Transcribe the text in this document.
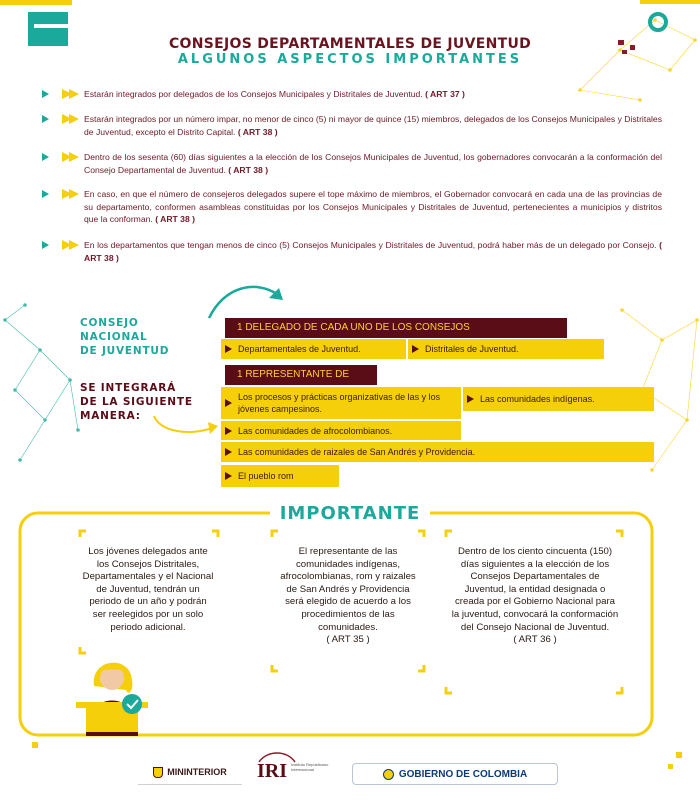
CONSEJOS DEPARTAMENTALES DE JUVENTUD
ALGUNOS ASPECTOS IMPORTANTES
Estarán integrados por delegados de los Consejos Municipales y Distritales de Juventud. ( ART 37 )
Estarán integrados por un número impar, no menor de cinco (5) ni mayor de quince (15) miembros, delegados de los Consejos Municipales y Distritales de Juventud, excepto el Distrito Capital. ( ART 38 )
Dentro de los sesenta (60) días siguientes a la elección de los Consejos Municipales de Juventud, los gobernadores convocarán a la conformación del Consejo Departamental de Juventud. ( ART 38 )
En caso, en que el número de consejeros delegados supere el tope máximo de miembros, el Gobernador convocará en cada una de las provincias de su departamento, conformen asambleas constituidas por los Consejos Municipales y Distritales de Juventud, pertenecientes a municipios y distritos que la conforman. ( ART 38 )
En los departamentos que tengan menos de cinco (5) Consejos Municipales y Distritales de Juventud, podrá haber más de un delegado por Consejo. ( ART 38 )
CONSEJO
NACIONAL
DE JUVENTUD
SE INTEGRARÁ
DE LA SIGUIENTE
MANERA:
1 DELEGADO DE CADA UNO DE LOS CONSEJOS
Departamentales de Juventud.	Distritales de Juventud.
1 REPRESENTANTE DE
Los procesos y prácticas organizativas de las y los jóvenes campesinos.
Las comunidades indígenas.
Las comunidades de afrocolombianos.
Las comunidades de raizales de San Andrés y Providencia.
El pueblo rom
IMPORTANTE
Los jóvenes delegados ante los Consejos Distritales, Departamentales y el Nacional de Juventud, tendrán un periodo de un año y podrán ser reelegidos por un solo periodo adicional.
El representante de las comunidades indígenas, afrocolombianas, rom y raizales de San Andrés y Providencia será elegido de acuerdo a los procedimientos de las comunidades.
( ART 35 )
Dentro de los ciento cincuenta (150) días siguientes a la elección de los Consejos Departamentales de Juventud, la entidad designada o creada por el Gobierno Nacional para la juventud, convocará la conformación del Consejo Nacional de Juventud.
( ART 36 )
MININTERIOR IRI Instituto Republicano Internacional	GOBIERNO DE COLOMBIA
